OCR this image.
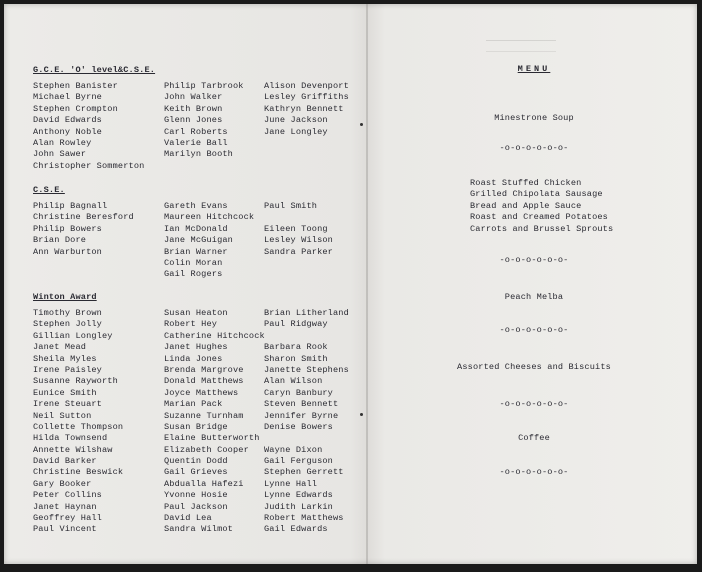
G.C.E. 'O' level&C.S.E.
Stephen Banister
Michael Byrne
Stephen Crompton
David Edwards
Anthony Noble
Alan Rowley
John Sawer
Christopher Sommerton
Philip Tarbrook
John Walker
Keith Brown
Glenn Jones
Carl Roberts
Valerie Ball
Marilyn Booth
Alison Devenport
Lesley Griffiths
Kathryn Bennett
June Jackson
Jane Longley
C.S.E.
Philip Bagnall
Christine Beresford
Philip Bowers
Brian Dore
Ann Warburton
Gareth Evans
Maureen Hitchcock
Ian McDonald
Jane McGuigan
Brian Warner
Colin Moran
Gail Rogers
Paul Smith
Eileen Toong
Lesley Wilson
Sandra Parker
Winton Award
Timothy Brown
Stephen Jolly
Gillian Longley
Janet Mead
Sheila Myles
Irene Paisley
Susanne Rayworth
Eunice Smith
Irene Steuart
Neil Sutton
Collette Thompson
Hilda Townsend
Annette Wilshaw
David Barker
Christine Beswick
Gary Booker
Peter Collins
Janet Haynan
Geoffrey Hall
Paul Vincent
Susan Heaton
Robert Hey
Catherine Hitchcock
Janet Hughes
Linda Jones
Brenda Margrove
Donald Matthews
Joyce Matthews
Marian Pack
Suzanne Turnham
Susan Bridge
Elaine Butterworth
Elizabeth Cooper
Quentin Dodd
Gail Grieves
Abdualla Hafezi
Yvonne Hosie
Paul Jackson
David Lea
Sandra Wilmot
Brian Litherland
Paul Ridgway
Barbara Rook
Sharon Smith
Janette Stephens
Alan Wilson
Caryn Banbury
Steven Bennett
Jennifer Byrne
Denise Bowers
Wayne Dixon
Gail Ferguson
Stephen Gerrett
Lynne Hall
Lynne Edwards
Judith Larkin
Robert Matthews
Gail Edwards
MENU
Minestrone Soup
-o-o-o-o-o-o-
Roast Stuffed Chicken
Grilled Chipolata Sausage
Bread and Apple Sauce
Roast and Creamed Potatoes
Carrots and Brussel Sprouts
-o-o-o-o-o-o-
Peach Melba
-o-o-o-o-o-o-
Assorted Cheeses and Biscuits
-o-o-o-o-o-o-
Coffee
-o-o-o-o-o-o-
